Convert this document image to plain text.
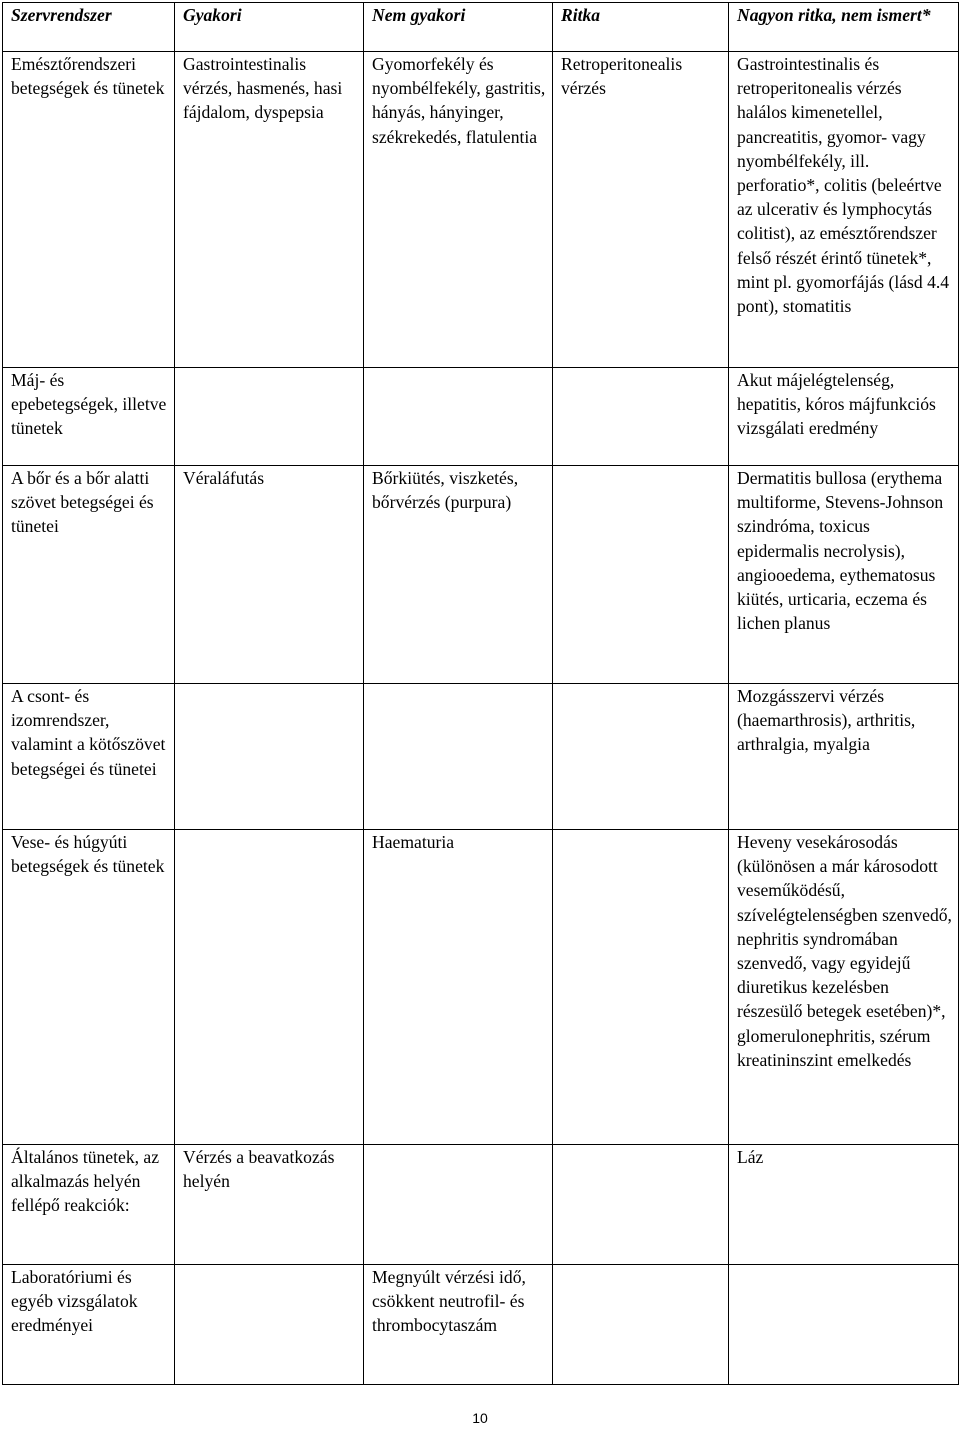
Szervrendszer	Gyakori	Nem gyakori	Ritka	Nagyon ritka, nem ismert*
Emésztőrendszeri betegségek és tünetek	Gastrointestinalis vérzés, hasmenés, hasi fájdalom, dyspepsia	Gyomorfekély és nyombélfekély, gastritis, hányás, hányinger, székrekedés, flatulentia	Retroperitonealis vérzés	Gastrointestinalis és retroperitonealis vérzés halálos kimenetellel, pancreatitis, gyomor- vagy nyombélfekély, ill. perforatio*, colitis (beleértve az ulcerativ és lymphocytás colitist), az emésztőrendszer felső részét érintő tünetek*, mint pl. gyomorfájás (lásd 4.4 pont), stomatitis
Máj- és epebetegségek, illetve tünetek				Akut májelégtelenség, hepatitis, kóros májfunkciós vizsgálati eredmény
A bőr és a bőr alatti szövet betegségei és tünetei	Véraláfutás	Bőrkiütés, viszketés, bőrvérzés (purpura)		Dermatitis bullosa (erythema multiforme, Stevens-Johnson szindróma, toxicus epidermalis necrolysis), angiooedema, eythematosus kiütés, urticaria, eczema és lichen planus
A csont- és izomrendszer, valamint a kötőszövet betegségei és tünetei				Mozgásszervi vérzés (haemarthrosis), arthritis, arthralgia, myalgia
Vese- és húgyúti betegségek és tünetek		Haematuria		Heveny vesekárosodás (különösen a már károsodott veseműködésű, szívelégtelenségben szenvedő, nephritis syndromában szenvedő, vagy egyidejű diuretikus kezelésben részesülő betegek esetében)*, glomerulonephritis, szérum kreatininszint emelkedés
Általános tünetek, az alkalmazás helyén fellépő reakciók:	Vérzés a beavatkozás helyén			Láz
Laboratóriumi és egyéb vizsgálatok eredményei		Megnyúlt vérzési idő, csökkent neutrofil- és thrombocytaszám		
10
